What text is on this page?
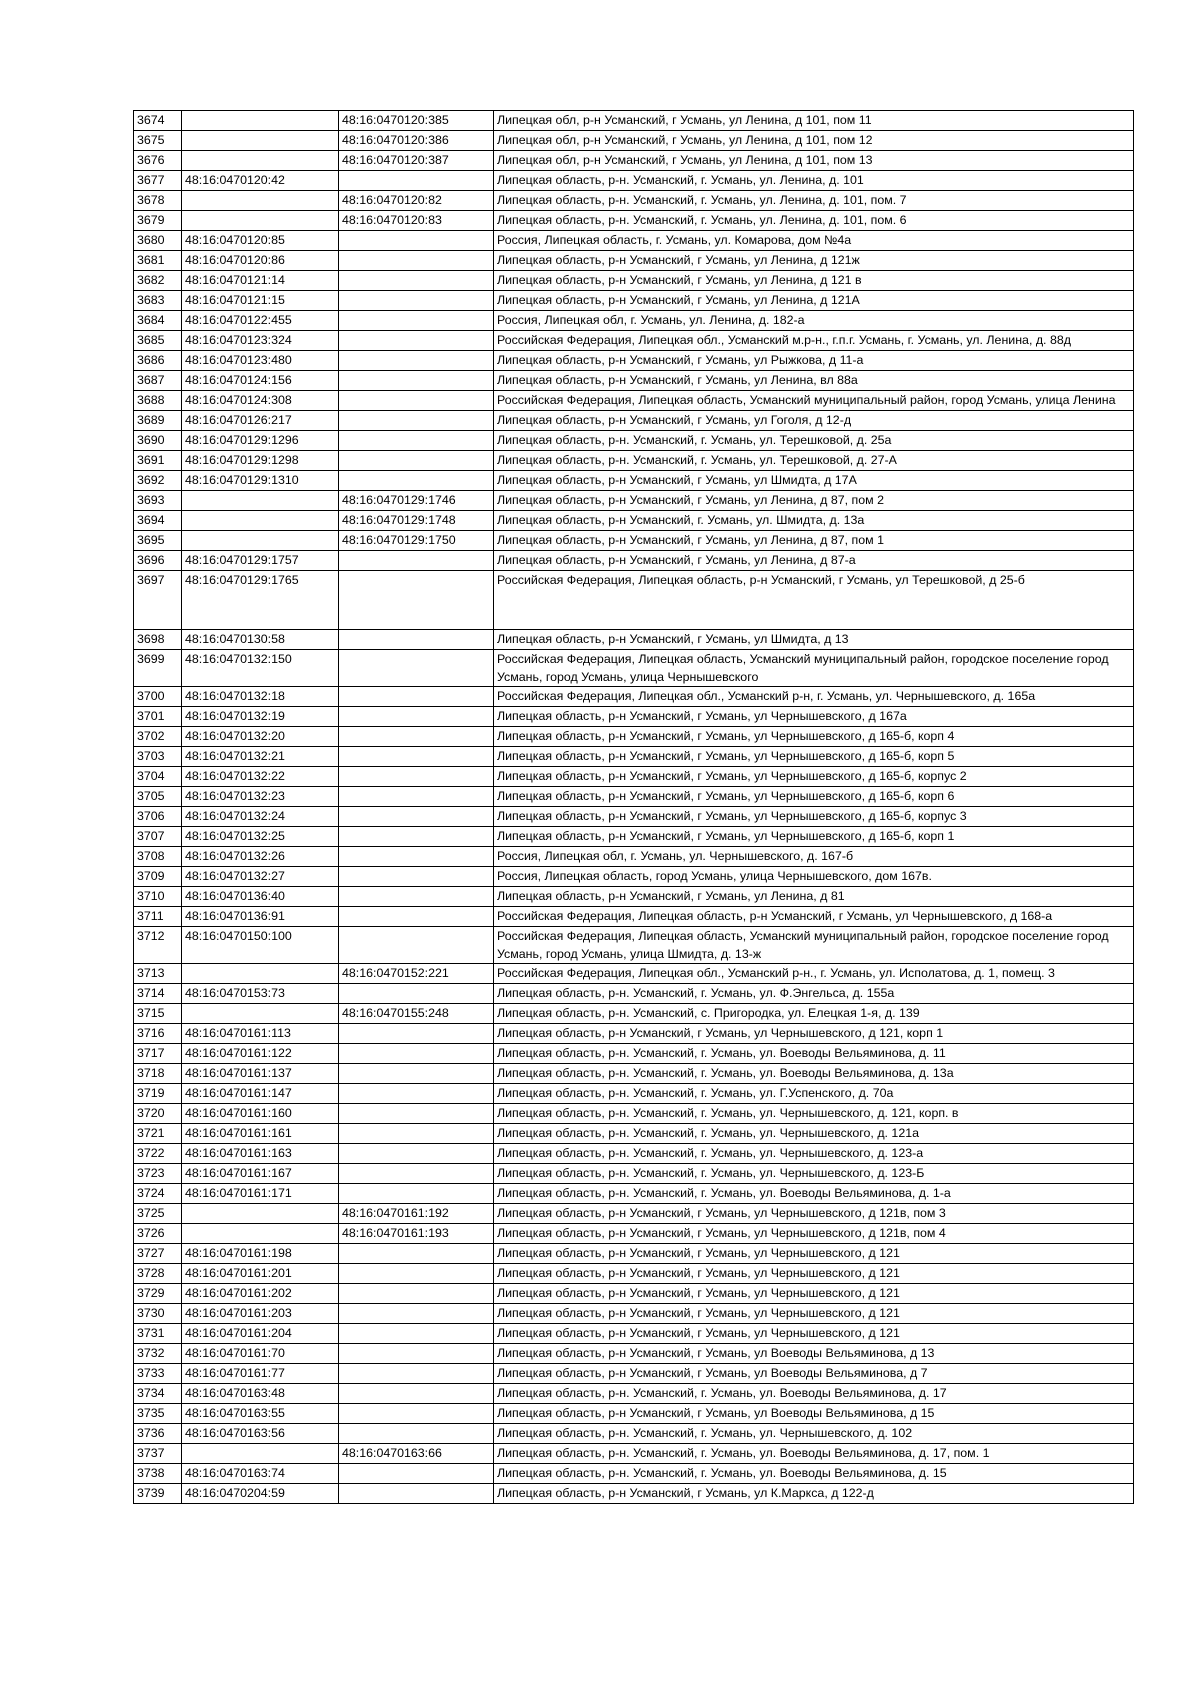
3674		48:16:0470120:385	Липецкая обл, р-н Усманский, г Усмань, ул Ленина, д 101, пом 11
3675		48:16:0470120:386	Липецкая обл, р-н Усманский, г Усмань, ул Ленина, д 101, пом 12
3676		48:16:0470120:387	Липецкая обл, р-н Усманский, г Усмань, ул Ленина, д 101, пом 13
3677	48:16:0470120:42		Липецкая область, р-н. Усманский, г. Усмань, ул. Ленина, д. 101
3678		48:16:0470120:82	Липецкая область, р-н. Усманский, г. Усмань, ул. Ленина, д. 101, пом. 7
3679		48:16:0470120:83	Липецкая область, р-н. Усманский, г. Усмань, ул. Ленина, д. 101, пом. 6
3680	48:16:0470120:85		Россия, Липецкая область, г. Усмань, ул. Комарова, дом №4а
3681	48:16:0470120:86		Липецкая область, р-н Усманский, г Усмань, ул Ленина, д 121ж
3682	48:16:0470121:14		Липецкая область, р-н Усманский, г Усмань, ул Ленина, д 121 в
3683	48:16:0470121:15		Липецкая область, р-н Усманский, г Усмань, ул Ленина, д 121А
3684	48:16:0470122:455		Россия, Липецкая обл, г. Усмань, ул. Ленина, д. 182-а
3685	48:16:0470123:324		Российская Федерация, Липецкая обл., Усманский м.р-н., г.п.г. Усмань, г. Усмань, ул. Ленина, д. 88д
3686	48:16:0470123:480		Липецкая область, р-н Усманский, г Усмань, ул Рыжкова, д 11-а
3687	48:16:0470124:156		Липецкая область, р-н Усманский, г Усмань, ул Ленина, вл 88а
3688	48:16:0470124:308		Российская Федерация, Липецкая область, Усманский муниципальный район, город Усмань, улица Ленина
3689	48:16:0470126:217		Липецкая область, р-н Усманский, г Усмань, ул Гоголя, д 12-д
3690	48:16:0470129:1296		Липецкая область, р-н. Усманский, г. Усмань, ул. Терешковой, д. 25а
3691	48:16:0470129:1298		Липецкая область, р-н. Усманский, г. Усмань, ул. Терешковой, д. 27-А
3692	48:16:0470129:1310		Липецкая область, р-н Усманский, г Усмань, ул Шмидта, д 17А
3693		48:16:0470129:1746	Липецкая область, р-н Усманский, г Усмань, ул Ленина, д 87, пом 2
3694		48:16:0470129:1748	Липецкая область, р-н Усманский, г. Усмань, ул. Шмидта, д. 13а
3695		48:16:0470129:1750	Липецкая область, р-н Усманский, г Усмань, ул Ленина, д 87, пом 1
3696	48:16:0470129:1757		Липецкая область, р-н Усманский, г Усмань, ул Ленина, д 87-а
3697	48:16:0470129:1765		Российская Федерация, Липецкая область, р-н Усманский, г Усмань, ул Терешковой, д 25-б
3698	48:16:0470130:58		Липецкая область, р-н Усманский, г Усмань, ул Шмидта, д 13
3699	48:16:0470132:150		Российская Федерация, Липецкая область, Усманский муниципальный район, городское поселение город Усмань, город Усмань, улица Чернышевского
3700	48:16:0470132:18		Российская Федерация, Липецкая обл., Усманский р-н, г. Усмань, ул. Чернышевского, д. 165а
3701	48:16:0470132:19		Липецкая область, р-н Усманский, г Усмань, ул Чернышевского, д 167а
3702	48:16:0470132:20		Липецкая область, р-н Усманский, г Усмань, ул Чернышевского, д 165-б, корп 4
3703	48:16:0470132:21		Липецкая область, р-н Усманский, г Усмань, ул Чернышевского, д 165-б, корп 5
3704	48:16:0470132:22		Липецкая область, р-н Усманский, г Усмань, ул Чернышевского, д 165-б, корпус 2
3705	48:16:0470132:23		Липецкая область, р-н Усманский, г Усмань, ул Чернышевского, д 165-б, корп 6
3706	48:16:0470132:24		Липецкая область, р-н Усманский, г Усмань, ул Чернышевского, д 165-б, корпус 3
3707	48:16:0470132:25		Липецкая область, р-н Усманский, г Усмань, ул Чернышевского, д 165-б, корп 1
3708	48:16:0470132:26		Россия, Липецкая обл, г. Усмань, ул. Чернышевского, д. 167-б
3709	48:16:0470132:27		Россия, Липецкая область, город Усмань, улица Чернышевского, дом 167в.
3710	48:16:0470136:40		Липецкая область, р-н Усманский, г Усмань, ул Ленина, д 81
3711	48:16:0470136:91		Российская Федерация, Липецкая область, р-н Усманский, г Усмань, ул Чернышевского, д 168-а
3712	48:16:0470150:100		Российская Федерация, Липецкая область, Усманский муниципальный район, городское поселение город Усмань, город Усмань, улица Шмидта, д. 13-ж
3713		48:16:0470152:221	Российская Федерация, Липецкая обл., Усманский р-н., г. Усмань, ул. Исполатова, д. 1, помещ. 3
3714	48:16:0470153:73		Липецкая область, р-н. Усманский, г. Усмань, ул. Ф.Энгельса, д. 155а
3715		48:16:0470155:248	Липецкая область, р-н. Усманский, с. Пригородка, ул. Елецкая 1-я, д. 139
3716	48:16:0470161:113		Липецкая область, р-н Усманский, г Усмань, ул Чернышевского, д 121, корп 1
3717	48:16:0470161:122		Липецкая область, р-н. Усманский, г. Усмань, ул. Воеводы Вельяминова, д. 11
3718	48:16:0470161:137		Липецкая область, р-н. Усманский, г. Усмань, ул. Воеводы Вельяминова, д. 13а
3719	48:16:0470161:147		Липецкая область, р-н. Усманский, г. Усмань, ул. Г.Успенского, д. 70а
3720	48:16:0470161:160		Липецкая область, р-н. Усманский, г. Усмань, ул. Чернышевского, д. 121, корп. в
3721	48:16:0470161:161		Липецкая область, р-н. Усманский, г. Усмань, ул. Чернышевского, д. 121а
3722	48:16:0470161:163		Липецкая область, р-н. Усманский, г. Усмань, ул. Чернышевского, д. 123-а
3723	48:16:0470161:167		Липецкая область, р-н. Усманский, г. Усмань, ул. Чернышевского, д. 123-Б
3724	48:16:0470161:171		Липецкая область, р-н. Усманский, г. Усмань, ул. Воеводы Вельяминова, д. 1-а
3725		48:16:0470161:192	Липецкая область, р-н Усманский, г Усмань, ул Чернышевского, д 121в, пом 3
3726		48:16:0470161:193	Липецкая область, р-н Усманский, г Усмань, ул Чернышевского, д 121в, пом 4
3727	48:16:0470161:198		Липецкая область, р-н Усманский, г Усмань, ул Чернышевского, д 121
3728	48:16:0470161:201		Липецкая область, р-н Усманский, г Усмань, ул Чернышевского, д 121
3729	48:16:0470161:202		Липецкая область, р-н Усманский, г Усмань, ул Чернышевского, д 121
3730	48:16:0470161:203		Липецкая область, р-н Усманский, г Усмань, ул Чернышевского, д 121
3731	48:16:0470161:204		Липецкая область, р-н Усманский, г Усмань, ул Чернышевского, д 121
3732	48:16:0470161:70		Липецкая область, р-н Усманский, г Усмань, ул Воеводы Вельяминова, д 13
3733	48:16:0470161:77		Липецкая область, р-н Усманский, г Усмань, ул Воеводы Вельяминова, д 7
3734	48:16:0470163:48		Липецкая область, р-н. Усманский, г. Усмань, ул. Воеводы Вельяминова, д. 17
3735	48:16:0470163:55		Липецкая область, р-н Усманский, г Усмань, ул Воеводы Вельяминова, д 15
3736	48:16:0470163:56		Липецкая область, р-н. Усманский, г. Усмань, ул. Чернышевского, д. 102
3737		48:16:0470163:66	Липецкая область, р-н. Усманский, г. Усмань, ул. Воеводы Вельяминова, д. 17, пом. 1
3738	48:16:0470163:74		Липецкая область, р-н. Усманский, г. Усмань, ул. Воеводы Вельяминова, д. 15
3739	48:16:0470204:59		Липецкая область, р-н Усманский, г Усмань, ул К.Маркса, д 122-д
